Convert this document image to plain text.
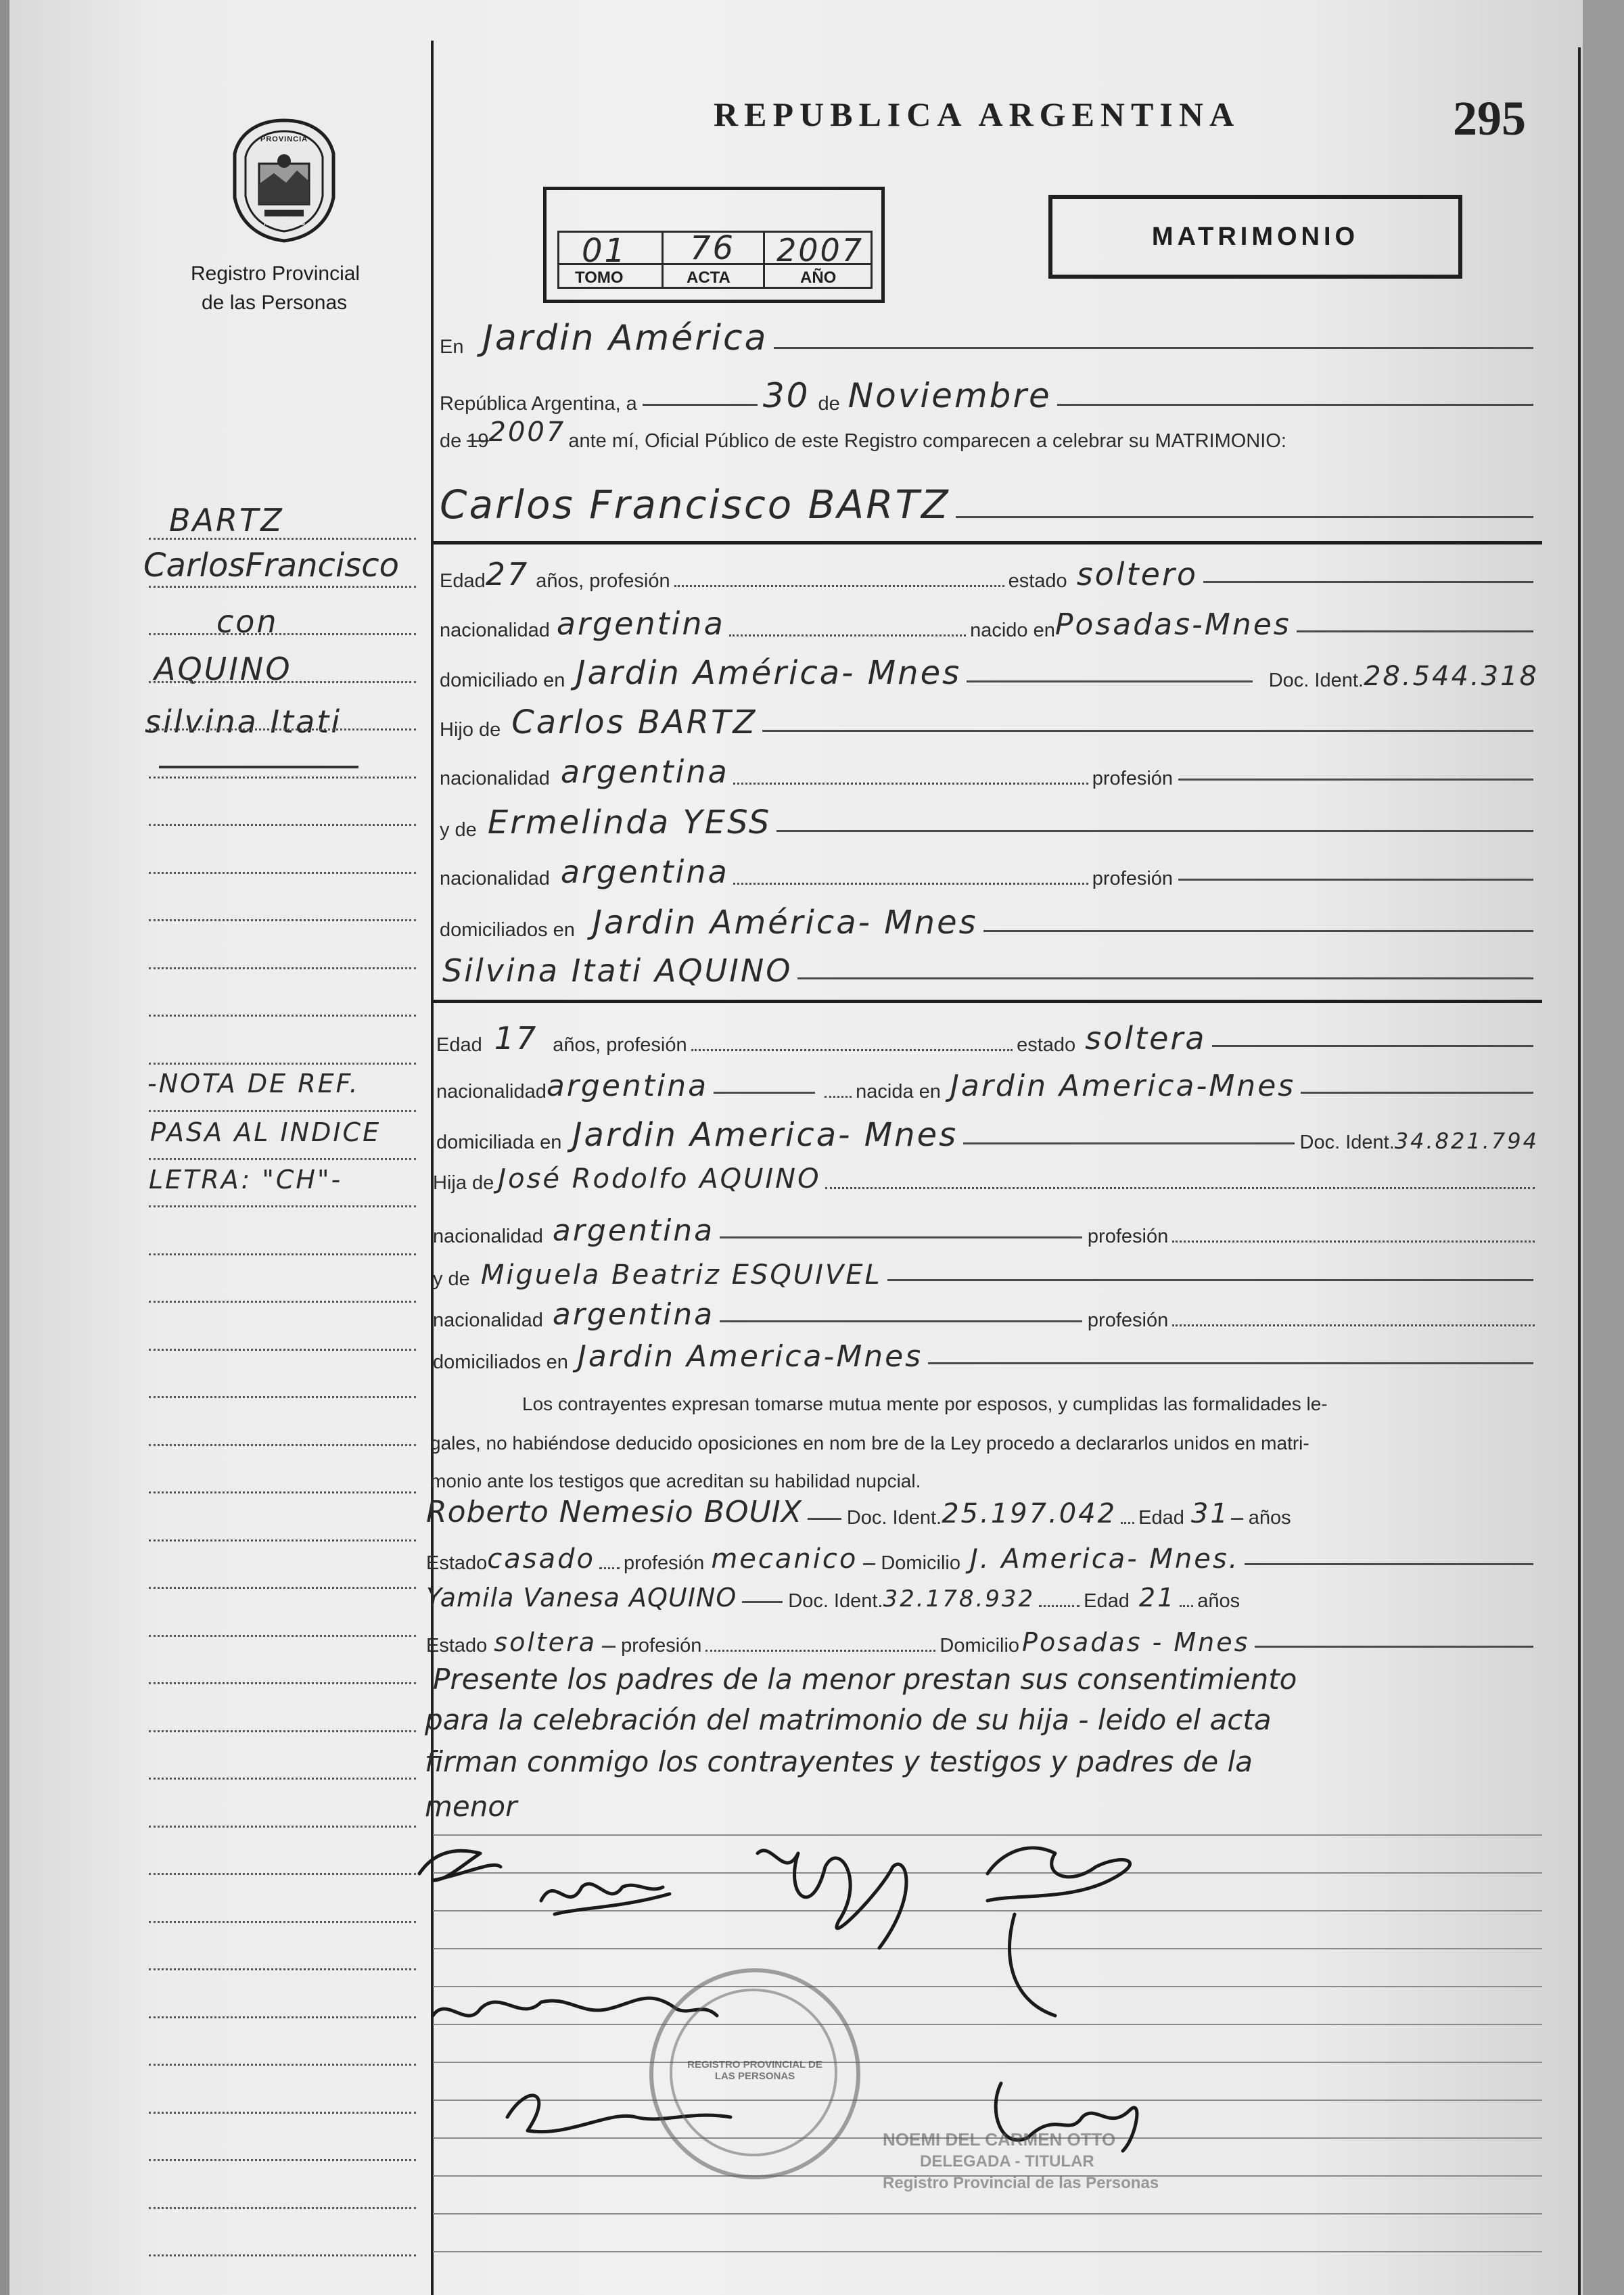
PROVINCIA
MISIONES
Registro Provincial
de las Personas
REPUBLICA ARGENTINA	295
01 76 2007
TOMO	ACTA	AÑO
MATRIMONIO
BARTZ
CarlosFrancisco
con
AQUINO
silvina Itati
-NOTA DE REF.
PASA AL INDICE
LETRA: "CH"-
En Jardin América
República Argentina, a	30 de Noviembre
de 19 2007 ante mí, Oficial Público de este Registro comparecen a celebrar su MATRIMONIO:
Carlos Francisco BARTZ
Edad 27 años, profesión	estado soltero
nacionalidad argentina	nacido en Posadas-Mnes
domiciliado en Jardin América- Mnes	Doc. Ident. 28.544.318
Hijo de Carlos BARTZ
nacionalidad argentina	profesión
y de Ermelinda YESS
nacionalidad argentina	profesión
domiciliados en Jardin América- Mnes
Silvina Itati AQUINO
Edad 17 años, profesión	estado soltera
nacionalidad argentina	nacida en Jardin America-Mnes
domiciliada en Jardin America- Mnes	Doc. Ident. 34.821.794
Hija de José Rodolfo AQUINO
nacionalidad argentina	profesión
y de Miguela Beatriz ESQUIVEL
nacionalidad argentina	profesión
domiciliados en Jardin America-Mnes
Los contrayentes expresan tomarse mutua mente por esposos, y cumplidas las formalidades le-
gales, no habiéndose deducido oposiciones en nom bre de la Ley procedo a declararlos unidos en matri-
monio ante los testigos que acreditan su habilidad nupcial.
Roberto Nemesio BOUIX Doc. Ident. 25.197.042 Edad 31 años
Estado casado profesión mecanico Domicilio J. America- Mnes.
Yamila Vanesa AQUINO	Doc. Ident. 32.178.932 Edad 21 años
Estado soltera profesión	Domicilio Posadas - Mnes
Presente los padres de la menor prestan sus consentimiento
para la celebración del matrimonio de su hija - leido el acta
firman conmigo los contrayentes y testigos y padres de la
menor
REGISTRO PROVINCIAL DE LAS PERSONAS
NOEMI DEL CARMEN OTTO
DELEGADA - TITULAR
Registro Provincial de las Personas
